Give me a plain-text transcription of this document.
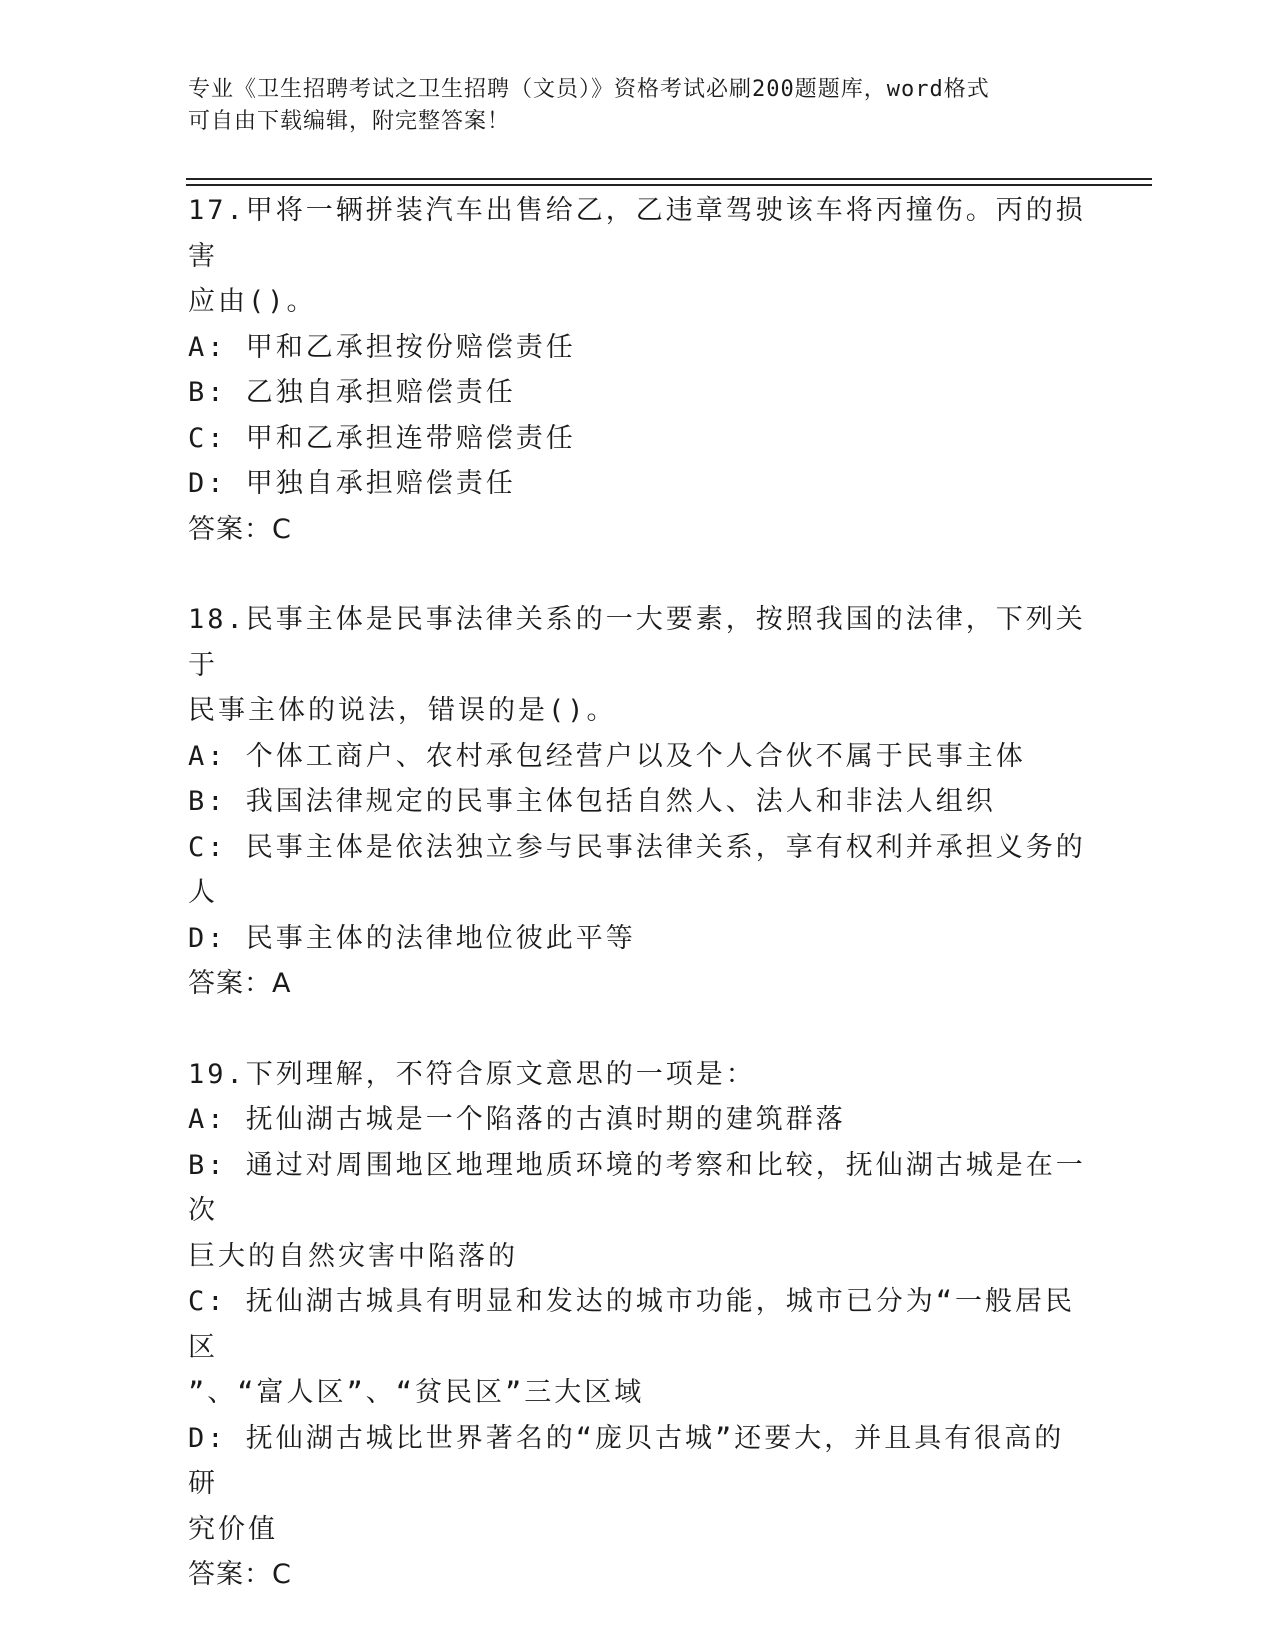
专业《卫生招聘考试之卫生招聘（文员）》资格考试必刷200题题库，word格式
可自由下载编辑，附完整答案！

17.甲将一辆拼装汽车出售给乙，乙违章驾驶该车将丙撞伤。丙的损害

应由()。

A: 甲和乙承担按份赔偿责任

B: 乙独自承担赔偿责任

C: 甲和乙承担连带赔偿责任

D: 甲独自承担赔偿责任

答案：C

18.民事主体是民事法律关系的一大要素，按照我国的法律，下列关于

民事主体的说法，错误的是()。

A: 个体工商户、农村承包经营户以及个人合伙不属于民事主体

B: 我国法律规定的民事主体包括自然人、法人和非法人组织

C: 民事主体是依法独立参与民事法律关系，享有权利并承担义务的人

D: 民事主体的法律地位彼此平等

答案：A

19.下列理解，不符合原文意思的一项是：

A: 抚仙湖古城是一个陷落的古滇时期的建筑群落

B: 通过对周围地区地理地质环境的考察和比较，抚仙湖古城是在一次

巨大的自然灾害中陷落的

C: 抚仙湖古城具有明显和发达的城市功能，城市已分为“一般居民区

”、“富人区”、“贫民区”三大区域

D: 抚仙湖古城比世界著名的“庞贝古城”还要大，并且具有很高的研

究价值

答案：C
